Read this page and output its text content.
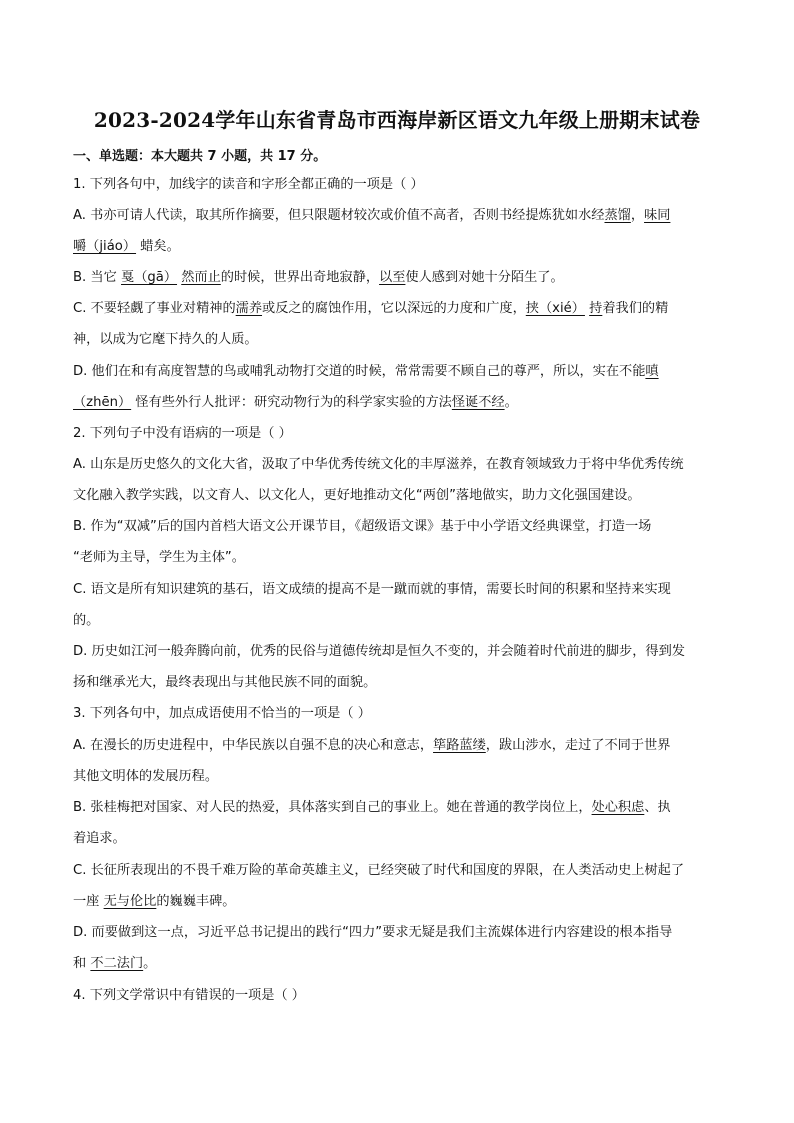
2023-2024学年山东省青岛市西海岸新区语文九年级上册期末试卷
一、单选题：本大题共 7 小题，共 17 分。
1. 下列各句中，加线字的读音和字形全都正确的一项是（ ）
A. 书亦可请人代读，取其所作摘要，但只限题材较次或价值不高者，否则书经提炼犹如水经蒸馏，味同
嚼（jiáo） 蜡矣。
B. 当它 戛（gā） 然而止的时候，世界出奇地寂静，以至使人感到对她十分陌生了。
C. 不要轻觑了事业对精神的濡养或反之的腐蚀作用，它以深远的力度和广度，挟（xié） 持着我们的精
神，以成为它麾下持久的人质。
D. 他们在和有高度智慧的鸟或哺乳动物打交道的时候，常常需要不顾自己的尊严，所以，实在不能嗔
（zhēn） 怪有些外行人批评：研究动物行为的科学家实验的方法怪诞不经。
2. 下列句子中没有语病的一项是（ ）
A. 山东是历史悠久的文化大省，汲取了中华优秀传统文化的丰厚滋养，在教育领域致力于将中华优秀传统
文化融入教学实践，以文育人、以文化人，更好地推动文化“两创”落地做实，助力文化强国建设。
B. 作为“双减”后的国内首档大语文公开课节目，《超级语文课》基于中小学语文经典课堂，打造一场
“老师为主导，学生为主体”。
C. 语文是所有知识建筑的基石，语文成绩的提高不是一蹴而就的事情，需要长时间的积累和坚持来实现
的。
D. 历史如江河一般奔腾向前，优秀的民俗与道德传统却是恒久不变的，并会随着时代前进的脚步，得到发
扬和继承光大，最终表现出与其他民族不同的面貌。
3. 下列各句中，加点成语使用不恰当的一项是（ ）
A. 在漫长的历史进程中，中华民族以自强不息的决心和意志，筚路蓝缕，跋山涉水，走过了不同于世界
其他文明体的发展历程。
B. 张桂梅把对国家、对人民的热爱，具体落实到自己的事业上。她在普通的教学岗位上，处心积虑、执
着追求。
C. 长征所表现出的不畏千难万险的革命英雄主义，已经突破了时代和国度的界限，在人类活动史上树起了
一座 无与伦比的巍巍丰碑。
D. 而要做到这一点，习近平总书记提出的践行“四力”要求无疑是我们主流媒体进行内容建设的根本指导
和 不二法门。
4. 下列文学常识中有错误的一项是（ ）
